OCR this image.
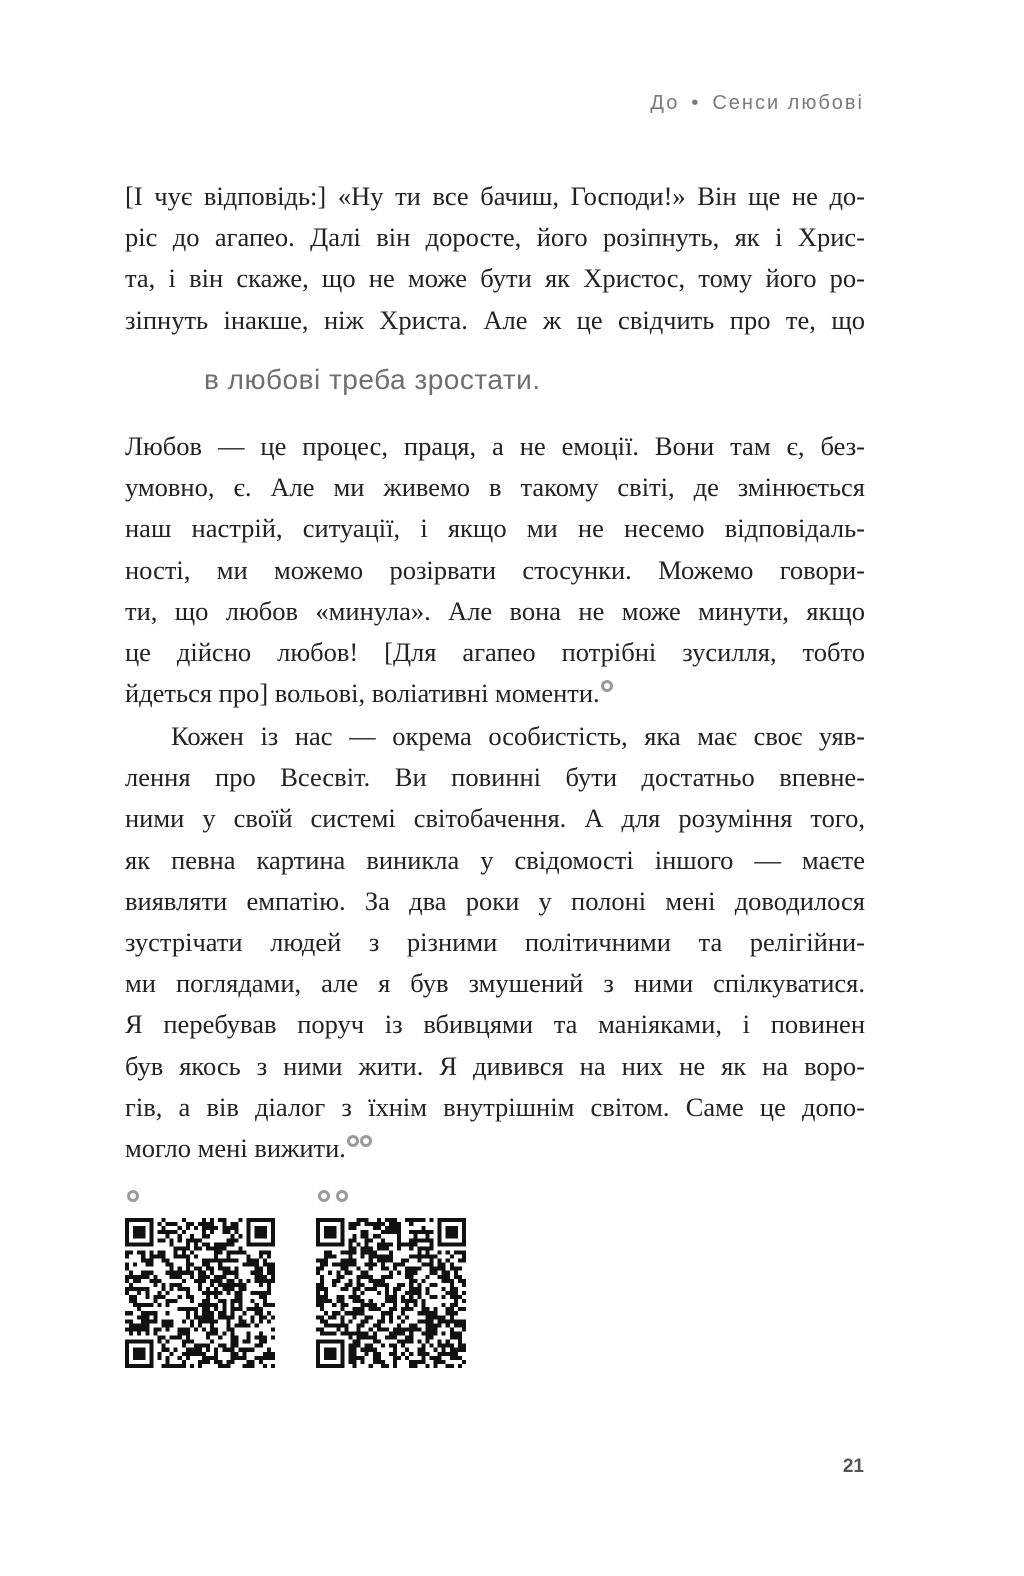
До • Сенси любові
[І чує відповідь:] «Ну ти все бачиш, Господи!» Він ще не до-
ріс до агапео. Далі він доросте, його розіпнуть, як і Хрис-
та, і він скаже, що не може бути як Христос, тому його ро-
зіпнуть інакше, ніж Христа. Але ж це свідчить про те, що
в любові треба зростати.
Любов — це процес, праця, а не емоції. Вони там є, без-
умовно, є. Але ми живемо в такому світі, де змінюється
наш настрій, ситуації, і якщо ми не несемо відповідаль-
ності, ми можемо розірвати стосунки. Можемо говори-
ти, що любов «минула». Але вона не може минути, якщо
це дійсно любов! [Для агапео потрібні зусилля, тобто
йдеться про] вольові, воліативні моменти.
Кожен із нас — окрема особистість, яка має своє уяв-
лення про Всесвіт. Ви повинні бути достатньо впевне-
ними у своїй системі світобачення. А для розуміння того,
як певна картина виникла у свідомості іншого — маєте
виявляти емпатію. За два роки у полоні мені доводилося
зустрічати людей з різними політичними та релігійни-
ми поглядами, але я був змушений з ними спілкуватися.
Я перебував поруч із вбивцями та маніяками, і повинен
був якось з ними жити. Я дивився на них не як на воро-
гів, а вів діалог з їхнім внутрішнім світом. Саме це допо-
могло мені вижити.
21
